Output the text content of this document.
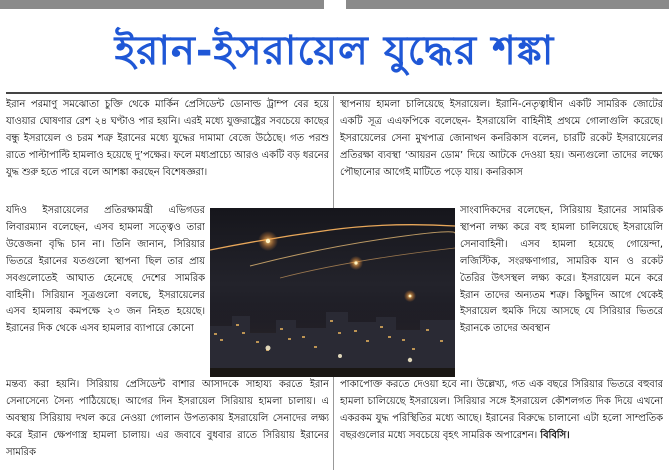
ইরান-ইসরায়েল যুদ্ধের শঙ্কা

ইরান পরমাণু সমঝোতা চুক্তি থেকে মার্কিন প্রেসিডেন্ট ডোনাল্ড ট্রাম্প বের হয়ে যাওয়ার ঘোষণার রেশ ২৪ ঘণ্টাও পার হয়নি। এরই মধ্যে যুক্তরাষ্ট্রের সবচেয়ে কাছের বন্ধু ইসরায়েল ও চরম শত্রু ইরানের মধ্যে যুদ্ধের দামামা বেজে উঠেছে। গত পরশু রাতে পাল্টাপাল্টি হামলাও হয়েছে দু’পক্ষের। ফলে মধ্যপ্রাচ্যে আরও একটি বড় ধরনের যুদ্ধ শুরু হতে পারে বলে আশঙ্কা করছেন বিশেষজ্ঞরা।

যদিও ইসরায়েলের প্রতিরক্ষামন্ত্রী এভিগডর লিবারম্যান বলেছেন, এসব হামলা সত্ত্বেও তারা উত্তেজনা বৃদ্ধি চান না। তিনি জানান, সিরিয়ার ভিতরে ইরানের যতগুলো স্থাপনা ছিল তার প্রায় সবগুলোতেই আঘাত হেনেছে দেশের সামরিক বাহিনী। সিরিয়ান সূত্রগুলো বলছে, ইসরায়েলের এসব হামলায় কমপক্ষে ২৩ জন নিহত হয়েছে। ইরানের দিক থেকে এসব হামলার ব্যাপারে কোনো

মন্তব্য করা হয়নি। সিরিয়ায় প্রেসিডেন্ট বাশার আসাদকে সাহায্য করতে ইরান সেনাসেন্যে সৈন্য পাঠিয়েছে। আগের দিন ইসরায়েল সিরিয়ায় হামলা চালায়। এ অবস্থায় সিরিয়ায় দখল করে নেওয়া গোলান উপত্যকায় ইসরায়েলি সেনাদের লক্ষ্য করে ইরান ক্ষেপণাস্ত্র হামলা চালায়। এর জবাবে বুধবার রাতে সিরিয়ায় ইরানের সামরিক

স্থাপনায় হামলা চালিয়েছে ইসরায়েল। ইরানি-নেতৃত্বাধীন একটি সামরিক জোটের একটি সূত্র এএফপিকে বলেছেন- ইসরায়েলি বাহিনীই প্রথমে গোলাগুলি করেছে। ইসরায়েলের সেনা মুখপাত্র জোনাথন কনরিকাস বলেন, চারটি রকেট ইসরায়েলের প্রতিরক্ষা ব্যবস্থা ‘আয়রন ডোম’ দিয়ে আটকে দেওয়া হয়। অন্যগুলো তাদের লক্ষ্যে পৌছানোর আগেই মাটিতে পড়ে যায়। কনরিকাস

সাংবাদিকদের বলেছেন, সিরিয়ায় ইরানের সামরিক স্থাপনা লক্ষ্য করে বহু হামলা চালিয়েছে ইসরায়েলি সেনাবাহিনী। এসব হামলা হয়েছে গোয়েন্দা, লজিস্টিক, সংরক্ষণাগার, সামরিক যান ও রকেট তৈরির উৎসস্থল লক্ষ্য করে। ইসরায়েল মনে করে ইরান তাদের অন্যতম শত্রু। কিছুদিন আগে থেকেই ইসরায়েল হুমকি দিয়ে আসছে যে সিরিয়ার ভিতরে ইরানকে তাদের অবস্থান

পাকাপোক্ত করতে দেওয়া হবে না। উল্লেখ্য, গত এক বছরে সিরিয়ার ভিতরে বহুবার হামলা চালিয়েছে ইসরায়েল। সিরিয়ার সঙ্গে ইসরায়েল কৌশলগত দিক দিয়ে এখনো একরকম যুদ্ধ পরিস্থিতির মধ্যে আছে। ইরানের বিরুদ্ধে চালানো এটা হলো সাম্প্রতিক বছরগুলোর মধ্যে সবচেয়ে বৃহৎ সামরিক অপারেশন। বিবিসি।
